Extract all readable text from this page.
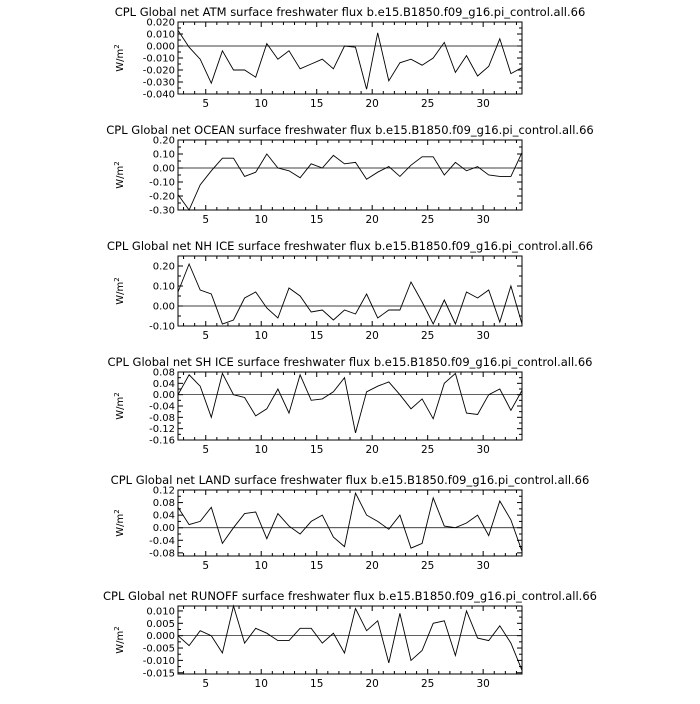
CPL Global net ATM surface freshwater flux b.e15.B1850.f09_g16.pi_control.all.66
0.020
0.010
0.000
-0.010
-0.020
-0.030
-0.040
5	10	15	20	25	30
$W/m^2$
CPL Global net OCEAN surface freshwater flux b.e15.B1850.f09_g16.pi_control.all.66
0.20
0.10
0.00
-0.10
-0.20
-0.30
5	10	15	20	25	30
$W/m^2$
CPL Global net NH ICE surface freshwater flux b.e15.B1850.f09_g16.pi_control.all.66
0.20
0.10
0.00
-0.10
5	10	15	20	25	30
$W/m^2$
CPL Global net SH ICE surface freshwater flux b.e15.B1850.f09_g16.pi_control.all.66
0.08
0.04
0.00
-0.04
-0.08
-0.12
-0.16
5	10	15	20	25	30
$W/m^2$
CPL Global net LAND surface freshwater flux b.e15.B1850.f09_g16.pi_control.all.66
0.12
0.08
0.04
0.00
-0.04
-0.08
5	10	15	20	25	30
$W/m^2$
CPL Global net RUNOFF surface freshwater flux b.e15.B1850.f09_g16.pi_control.all.66
0.010
0.005
0.000
-0.005
-0.010
-0.015
5	10	15	20	25	30
$W/m^2$
